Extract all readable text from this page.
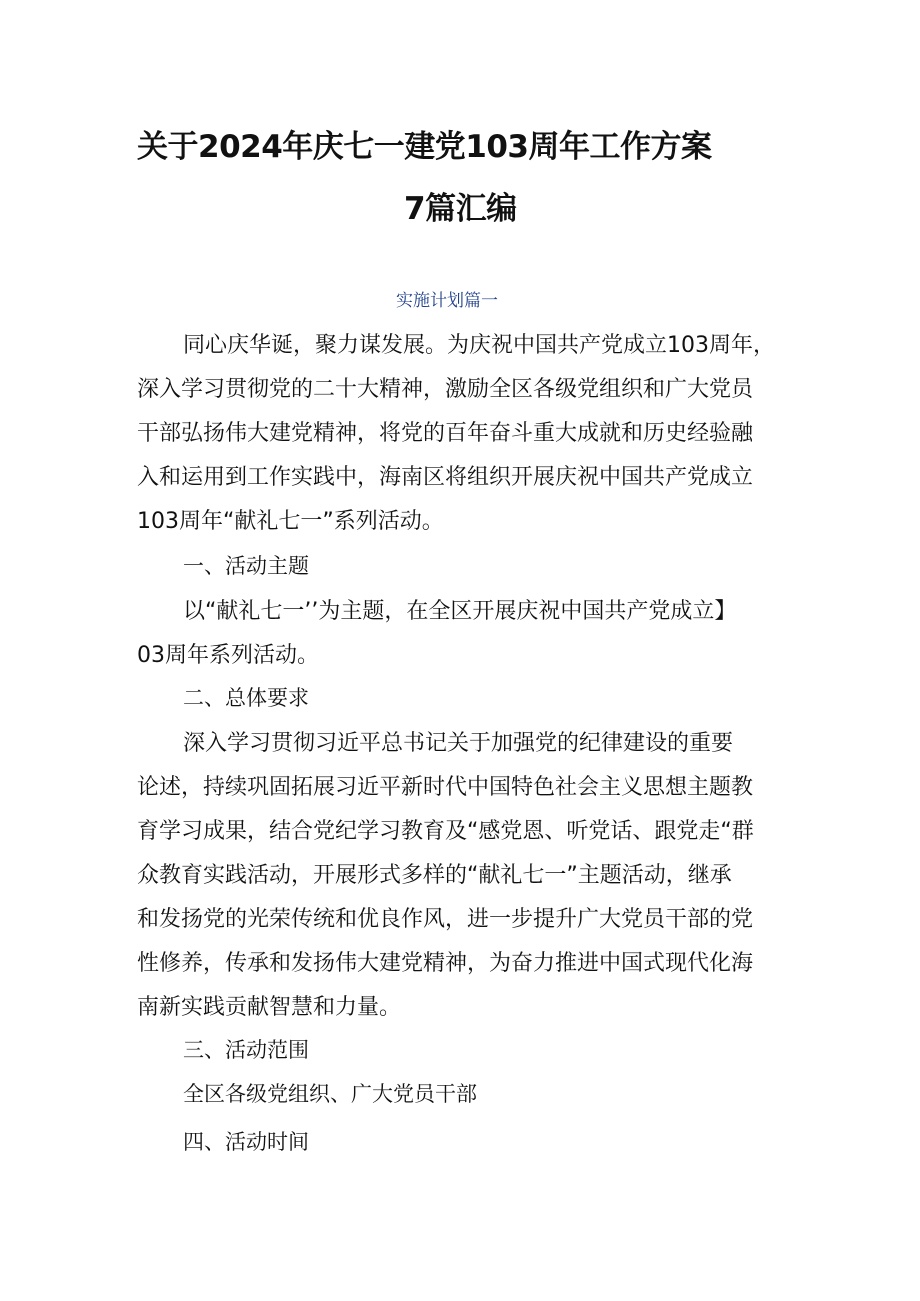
关于2024年庆七一建党103周年工作方案
7篇汇编
实施计划篇一
同心庆华诞，聚力谋发展。为庆祝中国共产党成立103周年，
深入学习贯彻党的二十大精神，激励全区各级党组织和广大党员
干部弘扬伟大建党精神，将党的百年奋斗重大成就和历史经验融
入和运用到工作实践中，海南区将组织开展庆祝中国共产党成立
103周年“献礼七一”系列活动。
一、活动主题
以“献礼七一’’为主题，在全区开展庆祝中国共产党成立】
03周年系列活动。
二、总体要求
深入学习贯彻习近平总书记关于加强党的纪律建设的重要
论述，持续巩固拓展习近平新时代中国特色社会主义思想主题教
育学习成果，结合党纪学习教育及“感党恩、听党话、跟党走“群
众教育实践活动，开展形式多样的“献礼七一”主题活动，继承
和发扬党的光荣传统和优良作风，进一步提升广大党员干部的党
性修养，传承和发扬伟大建党精神，为奋力推进中国式现代化海
南新实践贡献智慧和力量。
三、活动范围
全区各级党组织、广大党员干部
四、活动时间
